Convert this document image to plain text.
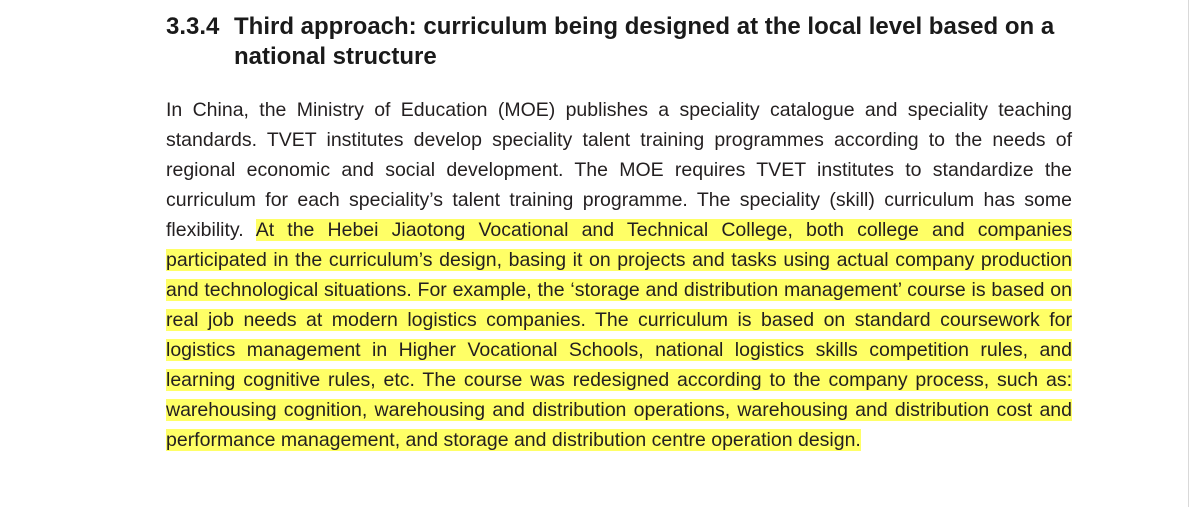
3.3.4 Third approach: curriculum being designed at the local level based on a national structure

In China, the Ministry of Education (MOE) publishes a speciality catalogue and speciality teaching standards. TVET institutes develop speciality talent training programmes according to the needs of regional economic and social development. The MOE requires TVET institutes to standardize the curriculum for each speciality’s talent training programme. The speciality (skill) curriculum has some flexibility. At the Hebei Jiaotong Vocational and Technical College, both college and companies participated in the curriculum’s design, basing it on projects and tasks using actual company production and technological situations. For example, the ‘storage and distribution management’ course is based on real job needs at modern logistics companies. The curriculum is based on standard coursework for logistics management in Higher Vocational Schools, national logistics skills competition rules, and learning cognitive rules, etc. The course was redesigned according to the company process, such as: warehousing cognition, warehousing and distribution operations, warehousing and distribution cost and performance management, and storage and distribution centre operation design.
